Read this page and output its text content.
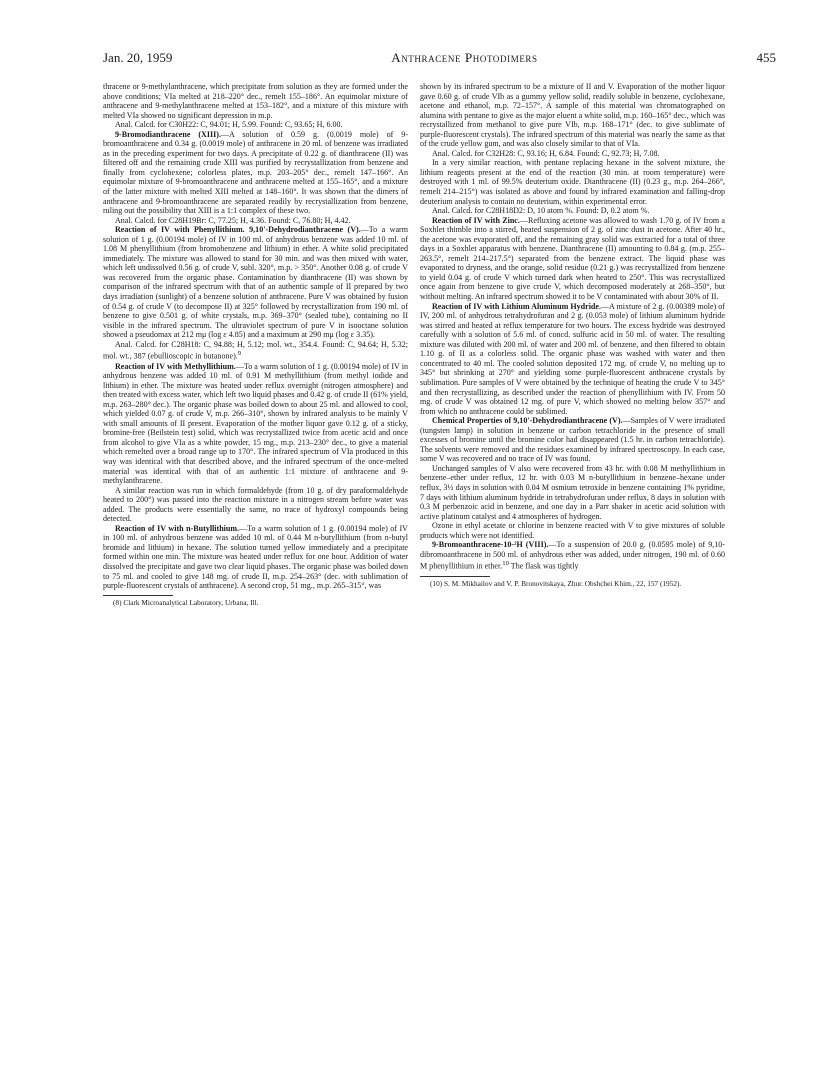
Jan. 20, 1959	Anthracene Photodimers	455

thracene or 9-methylanthracene, which precipitate from solution as they are formed under the above conditions; VIa melted at 218–220° dec., remelt 155–186°. An equimolar mixture of anthracene and 9-methylanthracene melted at 153–182°, and a mixture of this mixture with melted VIa showed no significant depression in m.p.

Anal. Calcd. for C30H22: C, 94.01; H, 5.99. Found: C, 93.65; H, 6.00.

9-Bromodianthracene (XIII).—A solution of 0.59 g. (0.0019 mole) of 9-bromoanthracene and 0.34 g. (0.0019 mole) of anthracene in 20 ml. of benzene was irradiated as in the preceding experiment for two days. A precipitate of 0.22 g. of dianthracene (II) was filtered off and the remaining crude XIII was purified by recrystallization from benzene and finally from cyclohexene; colorless plates, m.p. 203–205° dec., remelt 147–166°. An equimolar mixture of 9-bromoanthracene and anthracene melted at 155–165°, and a mixture of the latter mixture with melted XIII melted at 148–160°. It was shown that the dimers of anthracene and 9-bromoanthracene are separated readily by recrystallization from benzene, ruling out the possibility that XIII is a 1:1 complex of these two.

Anal. Calcd. for C28H19Br: C, 77.25; H, 4.36. Found: C, 76.80; H, 4.42.

Reaction of IV with Phenyllithium. 9,10'-Dehydrodianthracene (V).—To a warm solution of 1 g. (0.00194 mole) of IV in 100 ml. of anhydrous benzene was added 10 ml. of 1.08 M phenyllithium (from bromobenzene and lithium) in ether. A white solid precipitated immediately. The mixture was allowed to stand for 30 min. and was then mixed with water, which left undissolved 0.56 g. of crude V, subl. 320°, m.p. > 350°. Another 0.08 g. of crude V was recovered from the organic phase. Contamination by dianthracene (II) was shown by comparison of the infrared spectrum with that of an authentic sample of II prepared by two days irradiation (sunlight) of a benzene solution of anthracene. Pure V was obtained by fusion of 0.54 g. of crude V (to decompose II) at 325° followed by recrystallization from 190 ml. of benzene to give 0.501 g. of white crystals, m.p. 369–370° (sealed tube), containing no II visible in the infrared spectrum. The ultraviolet spectrum of pure V in isooctane solution showed a pseudomax at 212 mμ (log ε 4.85) and a maximum at 290 mμ (log ε 3.35).

Anal. Calcd. for C28H18: C, 94.88; H, 5.12; mol. wt., 354.4. Found: C, 94.64; H, 5.32; mol. wt., 387 (ebullioscopic in butanone).$^9$

Reaction of IV with Methyllithium.—To a warm solution of 1 g. (0.00194 mole) of IV in anhydrous benzene was added 10 ml. of 0.91 M methyllithium (from methyl iodide and lithium) in ether. The mixture was heated under reflux overnight (nitrogen atmosphere) and then treated with excess water, which left two liquid phases and 0.42 g. of crude II (61% yield, m.p. 263–280° dec.). The organic phase was boiled down to about 25 ml. and allowed to cool, which yielded 0.07 g. of crude V, m.p. 266–310°, shown by infrared analysis to be mainly V with small amounts of II present. Evaporation of the mother liquor gave 0.12 g. of a sticky, bromine-free (Beilstein test) solid, which was recrystallized twice from acetic acid and once from alcohol to give VIa as a white powder, 15 mg., m.p. 213–230° dec., to give a material which remelted over a broad range up to 170°. The infrared spectrum of VIa produced in this way was identical with that described above, and the infrared spectrum of the once-melted material was identical with that of an authentic 1:1 mixture of anthracene and 9-methylanthracene.

A similar reaction was run in which formaldehyde (from 10 g. of dry paraformaldehyde heated to 200°) was passed into the reaction mixture in a nitrogen stream before water was added. The products were essentially the same, no trace of hydroxyl compounds being detected.

Reaction of IV with n-Butyllithium.—To a warm solution of 1 g. (0.00194 mole) of IV in 100 ml. of anhydrous benzene was added 10 ml. of 0.44 M n-butyllithium (from n-butyl bromide and lithium) in hexane. The solution turned yellow immediately and a precipitate formed within one min. The mixture was heated under reflux for one hour. Addition of water dissolved the precipitate and gave two clear liquid phases. The organic phase was boiled down to 75 ml. and cooled to give 148 mg. of crude II, m.p. 254–263° (dec. with sublimation of purple-fluorescent crystals of anthracene). A second crop, 51 mg., m.p. 265–315°, was

(8) Clark Microanalytical Laboratory, Urbana, Ill.

shown by its infrared spectrum to be a mixture of II and V. Evaporation of the mother liquor gave 0.60 g. of crude VIb as a gummy yellow solid, readily soluble in benzene, cyclohexane, acetone and ethanol, m.p. 72–157°. A sample of this material was chromatographed on alumina with pentane to give as the major eluent a white solid, m.p. 160–165° dec., which was recrystallized from methanol to give pure VIb, m.p. 168–171° (dec. to give sublimate of purple-fluorescent crystals). The infrared spectrum of this material was nearly the same as that of the crude yellow gum, and was also closely similar to that of VIa.

Anal. Calcd. for C32H28: C, 93.16; H, 6.84. Found: C, 92.73; H, 7.08.

In a very similar reaction, with pentane replacing hexane in the solvent mixture, the lithium reagents present at the end of the reaction (30 min. at room temperature) were destroyed with 1 ml. of 99.5% deuterium oxide. Dianthracene (II) (0.23 g., m.p. 264–266°, remelt 214–215°) was isolated as above and found by infrared examination and falling-drop deuterium analysis to contain no deuterium, within experimental error.

Anal. Calcd. for C28H18D2: D, 10 atom %. Found: D, 0.2 atom %.

Reaction of IV with Zinc.—Refluxing acetone was allowed to wash 1.70 g. of IV from a Soxhlet thimble into a stirred, heated suspension of 2 g. of zinc dust in acetone. After 40 hr., the acetone was evaporated off, and the remaining gray solid was extracted for a total of three days in a Soxhlet apparatus with benzene. Dianthracene (II) amounting to 0.84 g. (m.p. 255–263.5°, remelt 214–217.5°) separated from the benzene extract. The liquid phase was evaporated to dryness, and the orange, solid residue (0.21 g.) was recrystallized from benzene to yield 0.04 g. of crude V which turned dark when heated to 250°. This was recrystallized once again from benzene to give crude V, which decomposed moderately at 268–350°, but without melting. An infrared spectrum showed it to be V contaminated with about 30% of II.

Reaction of IV with Lithium Aluminum Hydride.—A mixture of 2 g. (0.00389 mole) of IV, 200 ml. of anhydrous tetrahydrofuran and 2 g. (0.053 mole) of lithium aluminum hydride was stirred and heated at reflux temperature for two hours. The excess hydride was destroyed carefully with a solution of 5.6 ml. of concd. sulfuric acid in 50 ml. of water. The resulting mixture was diluted with 200 ml. of water and 200 ml. of benzene, and then filtered to obtain 1.10 g. of II as a colorless solid. The organic phase was washed with water and then concentrated to 40 ml. The cooled solution deposited 172 mg. of crude V, no melting up to 345° but shrinking at 270° and yielding some purple-fluorescent anthracene crystals by sublimation. Pure samples of V were obtained by the technique of heating the crude V to 345° and then recrystallizing, as described under the reaction of phenyllithium with IV. From 50 mg. of crude V was obtained 12 mg. of pure V, which showed no melting below 357° and from which no anthracene could be sublimed.

Chemical Properties of 9,10'-Dehydrodianthracene (V).—Samples of V were irradiated (tungsten lamp) in solution in benzene or carbon tetrachloride in the presence of small excesses of bromine until the bromine color had disappeared (1.5 hr. in carbon tetrachloride). The solvents were removed and the residues examined by infrared spectroscopy. In each case, some V was recovered and no trace of IV was found.

Unchanged samples of V also were recovered from 43 hr. with 0.08 M methyllithium in benzene–ether under reflux, 12 hr. with 0.03 M n-butyllithium in benzene–hexane under reflux, 3½ days in solution with 0.04 M osmium tetroxide in benzene containing 1% pyridine, 7 days with lithium aluminum hydride in tetrahydrofuran under reflux, 8 days in solution with 0.3 M perbenzoic acid in benzene, and one day in a Parr shaker in acetic acid solution with active platinum catalyst and 4 atmospheres of hydrogen.

Ozone in ethyl acetate or chlorine in benzene reacted with V to give mixtures of soluble products which were not identified.

9-Bromoanthracene-10-²H (VIII).—To a suspension of 20.0 g. (0.0595 mole) of 9,10-dibromoanthracene in 500 ml. of anhydrous ether was added, under nitrogen, 190 ml. of 0.60 M phenyllithium in ether.$^{10}$ The flask was tightly

(10) S. M. Mikhailov and V. P. Bronovitskaya, Zhur. Obshchei Khim., 22, 157 (1952).
